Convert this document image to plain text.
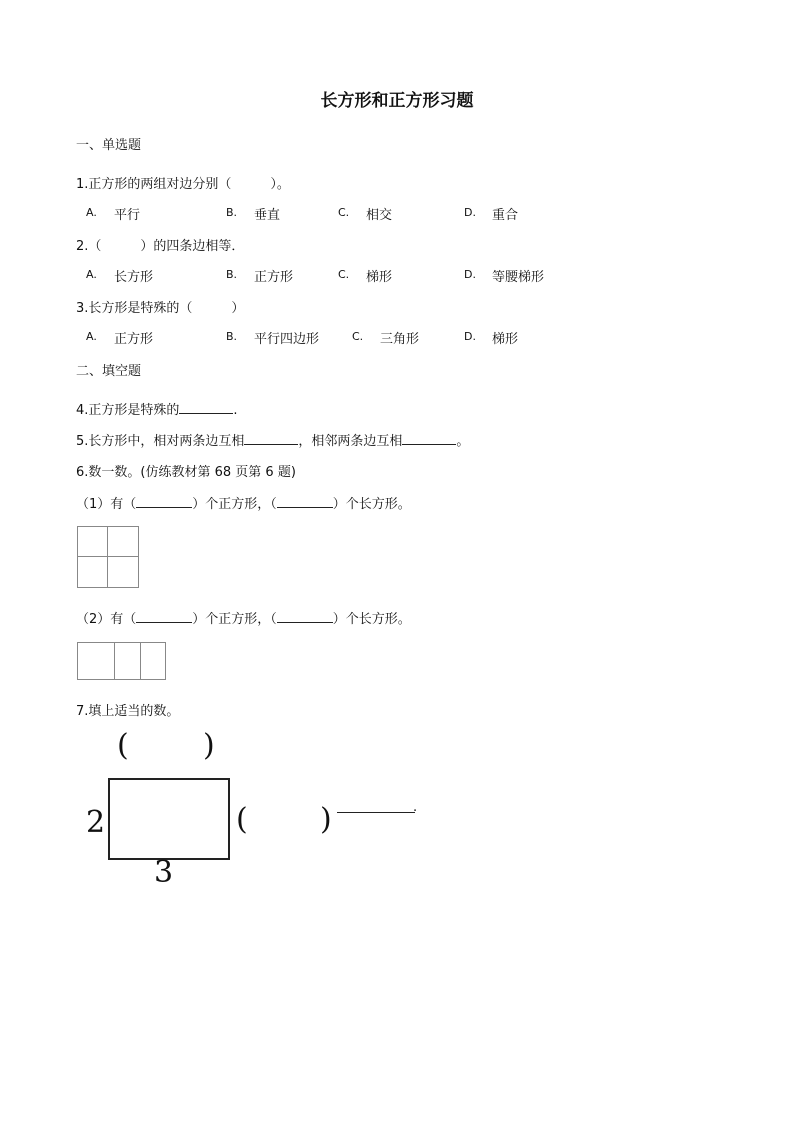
长方形和正方形习题
一、单选题
1.正方形的两组对边分别（　　　）。
A. 平行	B. 垂直	C. 相交	D. 重合
2.（　　　）的四条边相等．
A. 长方形	B. 正方形	C. 梯形	D. 等腰梯形
3.长方形是特殊的（　　　）
A. 正方形	B. 平行四边形	C. 三角形	D. 梯形
二、填空题
4.正方形是特殊的	.
5.长方形中，相对两条边互相	，相邻两条边互相	。
6.数一数。(仿练教材第 68 页第 6 题)
（1）有（	）个正方形，（	）个长方形。
（2）有（	）个正方形，（	）个长方形。
7.填上适当的数。
( )
2
3
( )	.
